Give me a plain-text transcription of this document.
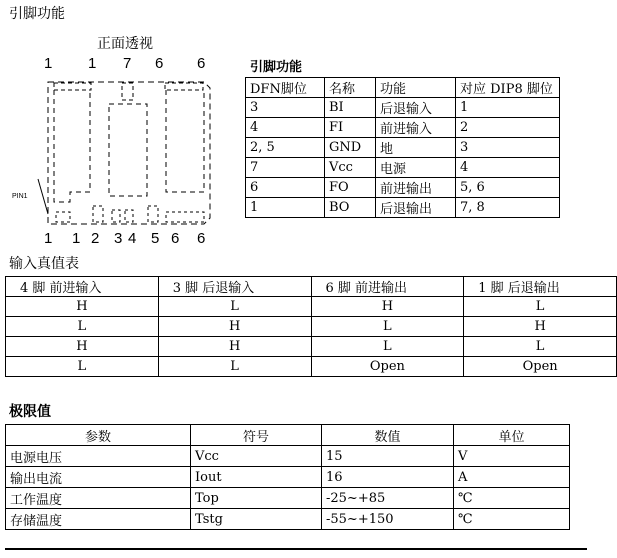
引脚功能
正面透视
1 1 7 6 6
PIN1
1 1 2 3 4 5 6 6
引脚功能
DFN脚位	名称	功能	对应 DIP8 脚位
3	BI	后退输入	1
4	FI	前进输入	2
2, 5	GND	地	3
7	Vcc	电源	4
6	FO	前进输出	5, 6
1	BO	后退输出	7, 8
输入真值表
4 脚 前进输入	3 脚 后退输入	6 脚 前进输出	1 脚 后退输出
H	L	H	L
L	H	L	H
H	H	L	L
L	L	Open	Open
极限值
参数	符号	数值	单位
电源电压	Vcc	15	V
输出电流	Iout	16	A
工作温度	Top	-25~+85	℃
存储温度	Tstg	-55~+150	℃
